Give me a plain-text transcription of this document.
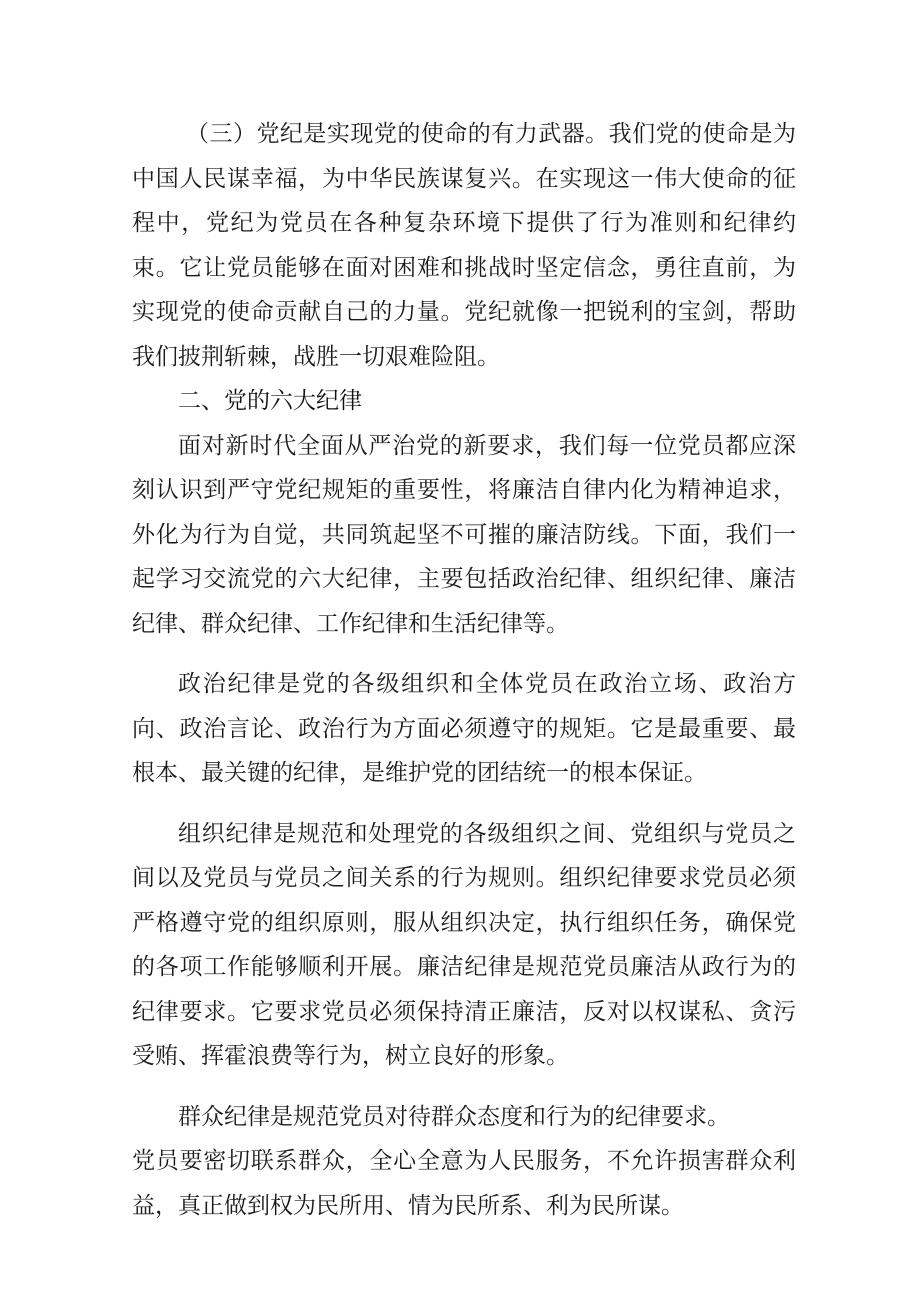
（三）党纪是实现党的使命的有力武器。我们党的使命是为中国人民谋幸福，为中华民族谋复兴。在实现这一伟大使命的征程中，党纪为党员在各种复杂环境下提供了行为准则和纪律约束。它让党员能够在面对困难和挑战时坚定信念，勇往直前，为实现党的使命贡献自己的力量。党纪就像一把锐利的宝剑，帮助我们披荆斩棘，战胜一切艰难险阻。

二、党的六大纪律

面对新时代全面从严治党的新要求，我们每一位党员都应深刻认识到严守党纪规矩的重要性，将廉洁自律内化为精神追求，外化为行为自觉，共同筑起坚不可摧的廉洁防线。下面，我们一起学习交流党的六大纪律，主要包括政治纪律、组织纪律、廉洁纪律、群众纪律、工作纪律和生活纪律等。

政治纪律是党的各级组织和全体党员在政治立场、政治方向、政治言论、政治行为方面必须遵守的规矩。它是最重要、最根本、最关键的纪律，是维护党的团结统一的根本保证。

组织纪律是规范和处理党的各级组织之间、党组织与党员之间以及党员与党员之间关系的行为规则。组织纪律要求党员必须严格遵守党的组织原则，服从组织决定，执行组织任务，确保党的各项工作能够顺利开展。廉洁纪律是规范党员廉洁从政行为的纪律要求。它要求党员必须保持清正廉洁，反对以权谋私、贪污受贿、挥霍浪费等行为，树立良好的形象。

群众纪律是规范党员对待群众态度和行为的纪律要求。

党员要密切联系群众，全心全意为人民服务，不允许损害群众利益，真正做到权为民所用、情为民所系、利为民所谋。
